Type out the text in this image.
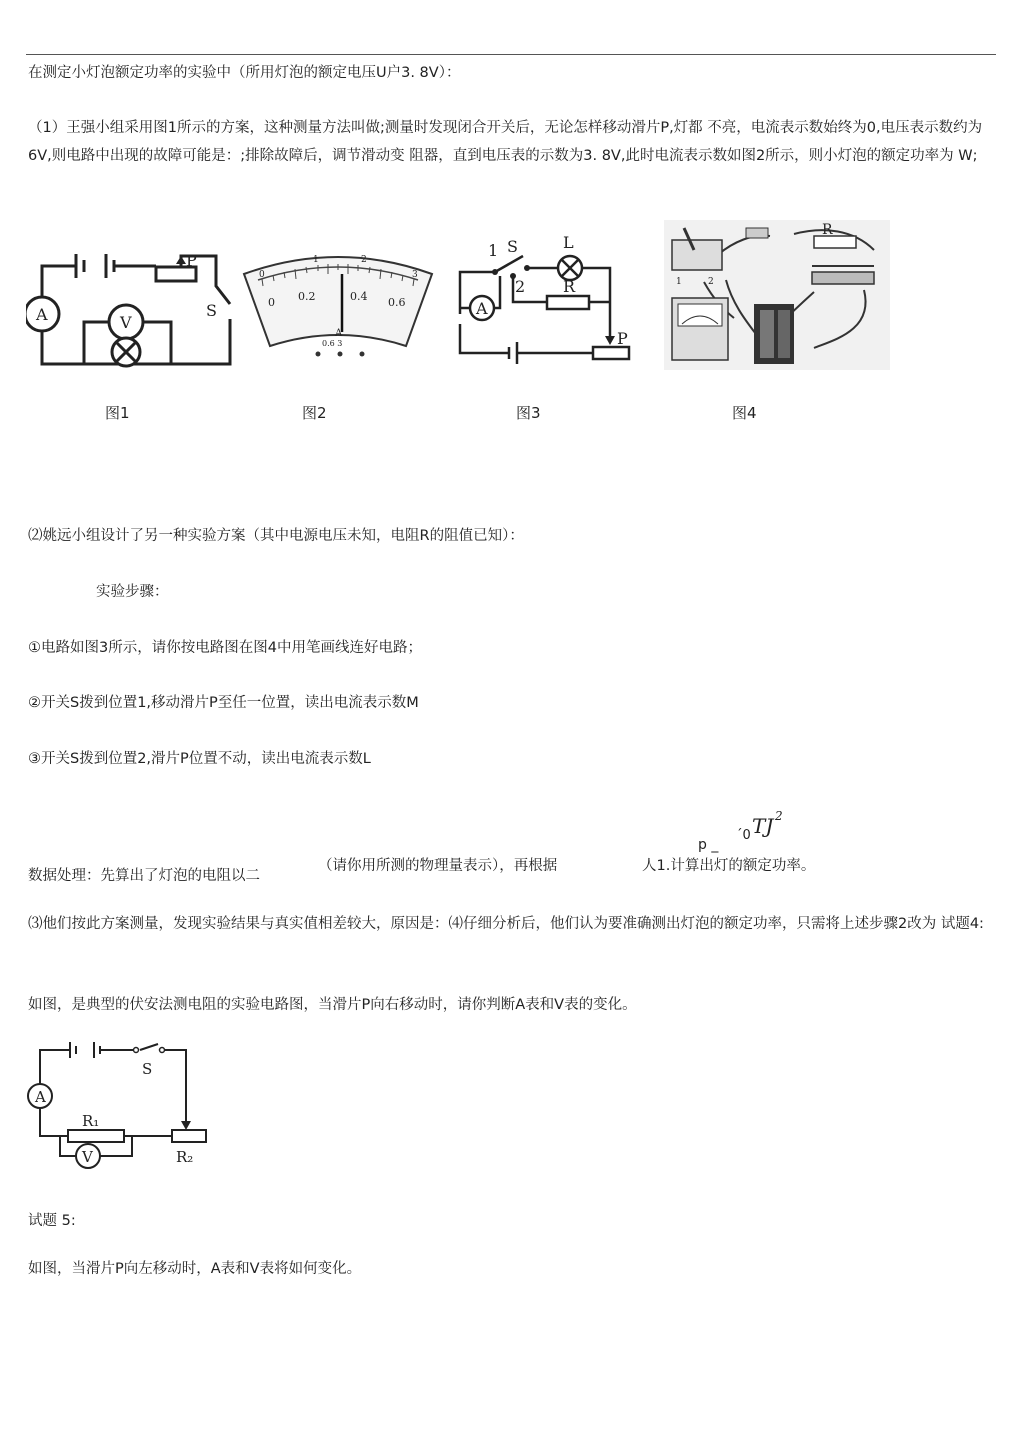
在测定小灯泡额定功率的实验中（所用灯泡的额定电压U户3. 8V）：
（1）王强小组采用图1所示的方案，这种测量方法叫做;测量时发现闭合开关后，无论怎样移动滑片P,灯都 不亮，电流表示数始终为0,电压表示数约为6V,则电路中出现的故障可能是：;排除故障后，调节滑动变 阻器，直到电压表的示数为3. 8V,此时电流表示数如图2所示，则小灯泡的额定功率为 W;
A	V
P
S
0
1	2
3
0 0.2	0.4 0.6
A
0.6 3
1 S	L
2 R
A
P
R
1	2
图1	图2	图3	图4
⑵姚远小组设计了另一种实验方案（其中电源电压未知，电阻R的阻值已知）：
实验步骤：
①电路如图3所示，请你按电路图在图4中用笔画线连好电路；
②开关S拨到位置1,移动滑片P至任一位置，读出电流表示数M
③开关S拨到位置2,滑片P位置不动，读出电流表示数L
TJ 2
p _
´0
数据处理：先算出了灯泡的电阻以二
（请你用所测的物理量表示），再根据	人1.计算出灯的额定功率。
⑶他们按此方案测量，发现实验结果与真实值相差较大，原因是：⑷仔细分析后，他们认为要准确测出灯泡的额定功率，只需将上述步骤2改为 试题4:
如图，是典型的伏安法测电阻的实验电路图，当滑片P向右移动时，请你判断A表和V表的变化。
S
A
V
R₁
R₂
试题 5:
如图，当滑片P向左移动时，A表和V表将如何变化。
